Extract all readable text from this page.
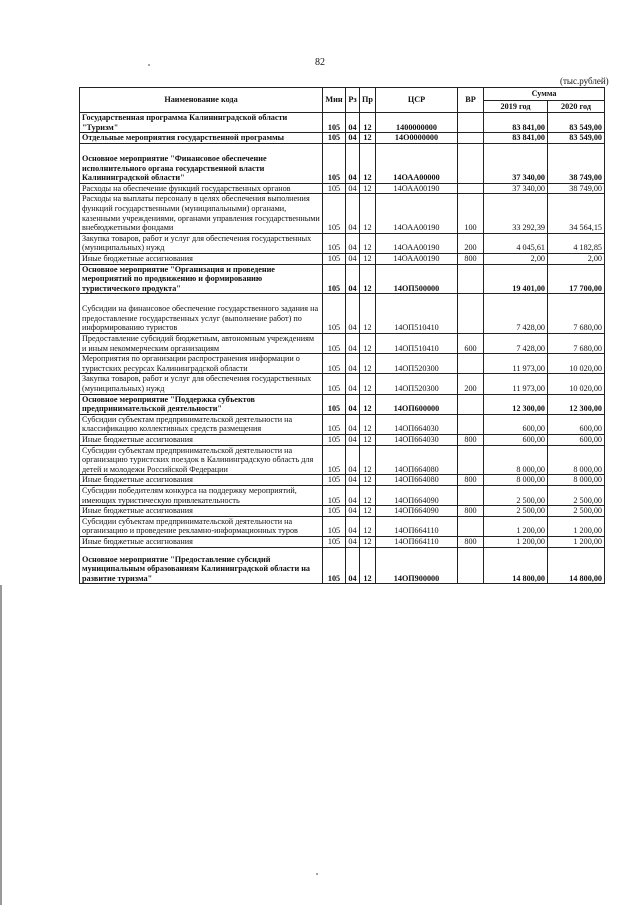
82
(тыс.рублей)
Наименование кода	Мин	Рз	Пр	ЦСР	ВР	Сумма	
						2019 год	2020 год
Государственная программа Калининградской области "Туризм"	105	04	12	1400000000		83 841,00	83 549,00
Отдельные мероприятия государственной программы	105	04	12	14О0000000		83 841,00	83 549,00

Основное мероприятие "Финансовое обеспечение исполнительного органа государственной власти Калининградской области"	105	04	12	14ОАА00000		37 340,00	38 749,00
Расходы на обеспечение функций государственных органов	105	04	12	14ОАА00190		37 340,00	38 749,00
Расходы на выплаты персоналу в целях обеспечения выполнения функций государственными (муниципальными) органами, казенными учреждениями, органами управления государственными внебюджетными фондами	105	04	12	14ОАА00190	100	33 292,39	34 564,15
Закупка товаров, работ и услуг для обеспечения государственных (муниципальных) нужд	105	04	12	14ОАА00190	200	4 045,61	4 182,85
Иные бюджетные ассигнования	105	04	12	14ОАА00190	800	2,00	2,00
Основное мероприятие "Организация и проведение мероприятий по продвижению и формированию туристического продукта"	105	04	12	14ОП500000		19 401,00	17 700,00

Субсидии на финансовое обеспечение государственного задания на предоставление государственных услуг (выполнение работ) по информированию туристов	105	04	12	14ОП510410		7 428,00	7 680,00
Предоставление субсидий бюджетным, автономным учреждениям и иным некоммерческим организациям	105	04	12	14ОП510410	600	7 428,00	7 680,00
Мероприятия по организации распространения информации о туристских ресурсах Калининградской области	105	04	12	14ОП520300		11 973,00	10 020,00
Закупка товаров, работ и услуг для обеспечения государственных (муниципальных) нужд	105	04	12	14ОП520300	200	11 973,00	10 020,00
Основное мероприятие "Поддержка субъектов предпринимательской деятельности"	105	04	12	14ОП600000		12 300,00	12 300,00
Субсидии субъектам предпринимательской деятельности на классификацию коллективных средств размещения	105	04	12	14ОП664030		600,00	600,00
Иные бюджетные ассигнования	105	04	12	14ОП664030	800	600,00	600,00
Субсидии субъектам предпринимательской деятельности на организацию туристских поездок в Калининградскую область для детей и молодежи Российской Федерации	105	04	12	14ОП664080		8 000,00	8 000,00
Иные бюджетные ассигнования	105	04	12	14ОП664080	800	8 000,00	8 000,00
Субсидии победителям конкурса на поддержку мероприятий, имеющих туристическую привлекательность	105	04	12	14ОП664090		2 500,00	2 500,00
Иные бюджетные ассигнования	105	04	12	14ОП664090	800	2 500,00	2 500,00
Субсидии субъектам предпринимательской деятельности на организацию и проведение рекламно-информационных туров	105	04	12	14ОП664110		1 200,00	1 200,00
Иные бюджетные ассигнования	105	04	12	14ОП664110	800	1 200,00	1 200,00

Основное мероприятие "Предоставление субсидий муниципальным образованиям Калининградской области на развитие туризма"	105	04	12	14ОП900000		14 800,00	14 800,00
